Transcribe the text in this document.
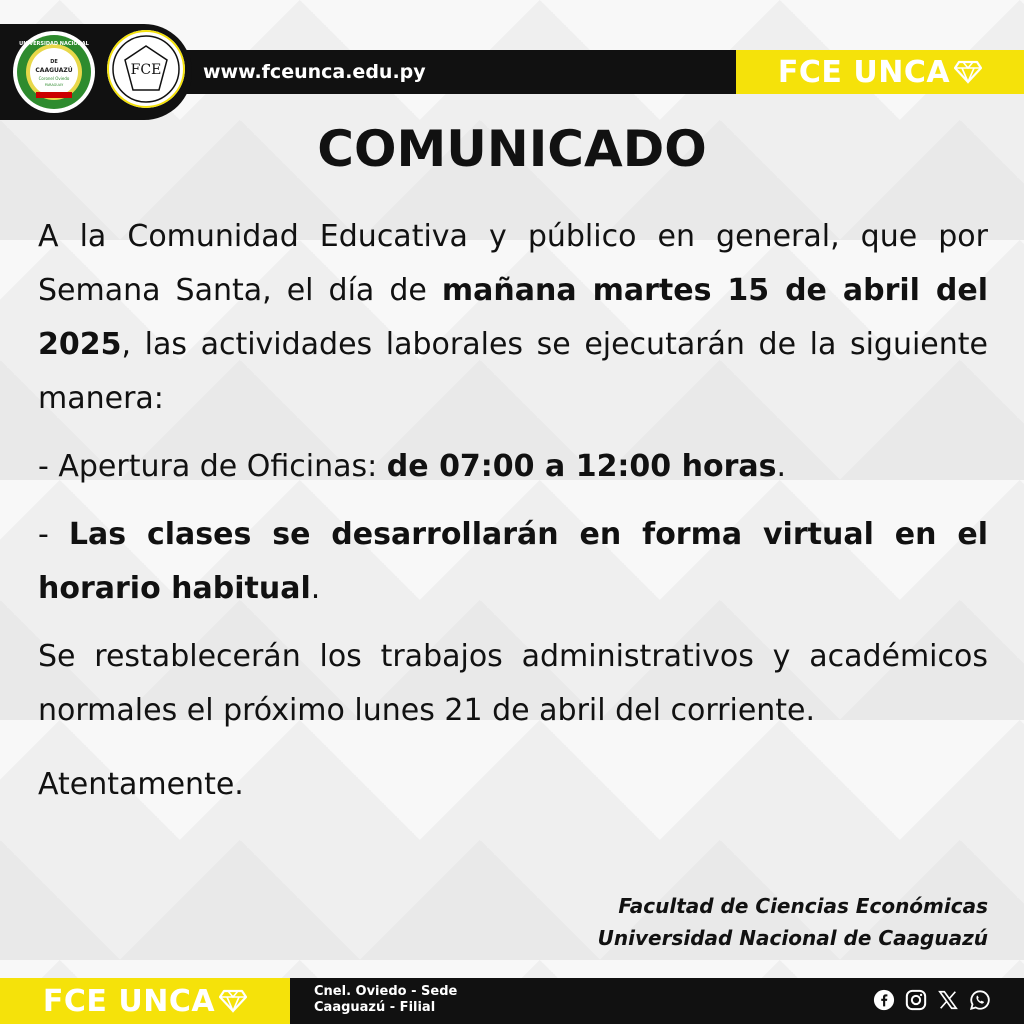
UNIVERSIDAD NACIONAL
DE
CAAGUAZÚ
Coronel Oviedo
PARAGUAY
FCE www.fceunca.edu.py	FCE UNCA
COMUNICADO

A la Comunidad Educativa y público en general, que por Semana Santa, el día de mañana martes 15 de abril del 2025, las actividades laborales se ejecutarán de la siguiente manera:

- Apertura de Oficinas: de 07:00 a 12:00 horas.

- Las clases se desarrollarán en forma virtual en el horario habitual.

Se restablecerán los trabajos administrativos y académicos normales el próximo lunes 21 de abril del corriente.

Atentamente.

Facultad de Ciencias Económicas
Universidad Nacional de Caaguazú
FCE UNCA	Cnel. Oviedo - Sede
Caaguazú - Filial
